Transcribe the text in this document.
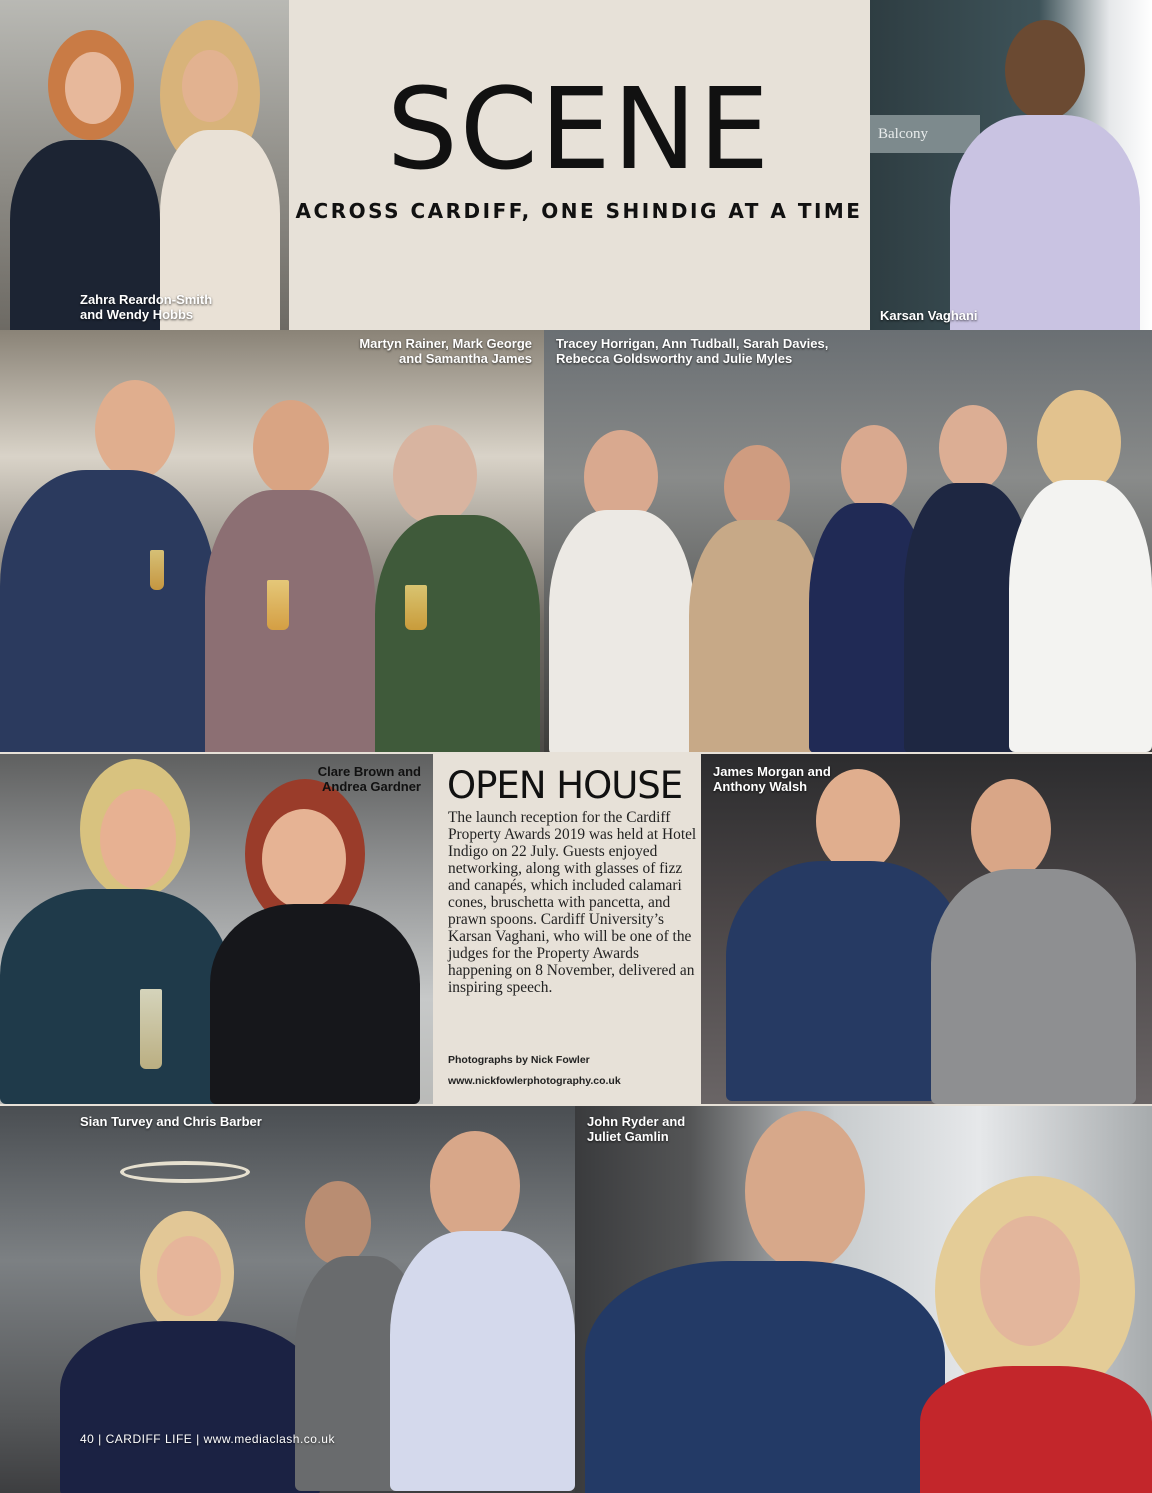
SCENE
ACROSS CARDIFF, ONE SHINDIG AT A TIME
Zahra Reardon-Smith
and Wendy Hobbs
Balcony
Karsan Vaghani
Martyn Rainer, Mark George
and Samantha James
Tracey Horrigan, Ann Tudball, Sarah Davies,
Rebecca Goldsworthy and Julie Myles
Clare Brown and
Andrea Gardner OPEN HOUSE
The launch reception for the Cardiff Property Awards 2019 was held at Hotel Indigo on 22 July. Guests enjoyed networking, along with glasses of fizz and canapés, which included calamari cones, bruschetta with pancetta, and prawn spoons. Cardiff University’s Karsan Vaghani, who will be one of the judges for the Property Awards happening on 8 November, delivered an inspiring speech.
Photographs by Nick Fowler
www.nickfowlerphotography.co.uk
James Morgan and
Anthony Walsh
Sian Turvey and Chris Barber	John Ryder and
Juliet Gamlin
40 | CARDIFF LIFE | www.mediaclash.co.uk
